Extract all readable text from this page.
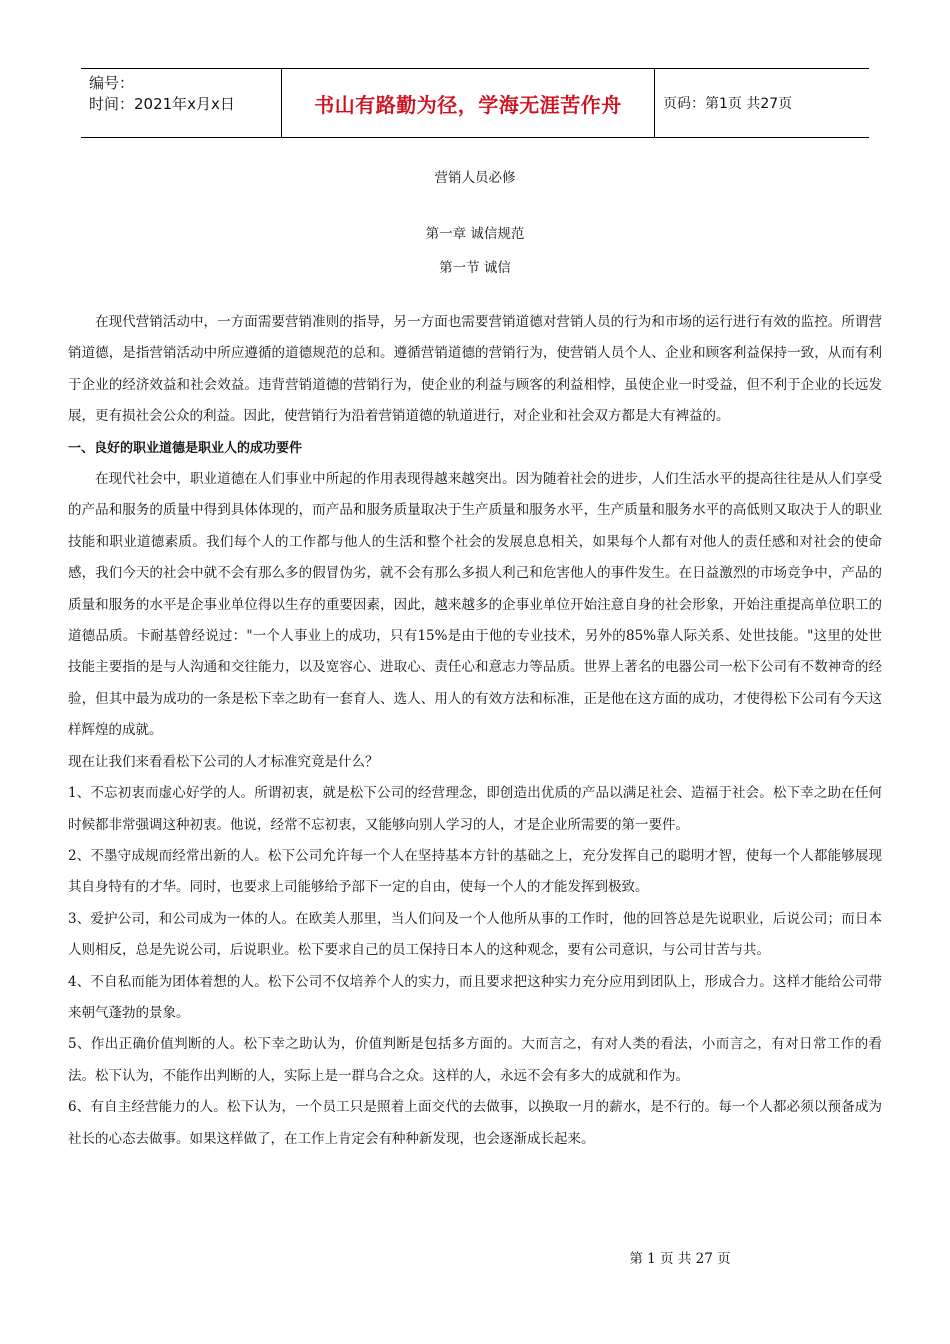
编号：
时间：2021年x月x日	书山有路勤为径，学海无涯苦作舟	页码：第1页 共27页
营销人员必修
第一章 诚信规范
第一节 诚信

在现代营销活动中，一方面需要营销准则的指导，另一方面也需要营销道德对营销人员的行为和市场的运行进行有效的监控。所谓营销道德，是指营销活动中所应遵循的道德规范的总和。遵循营销道德的营销行为，使营销人员个人、企业和顾客利益保持一致，从而有利于企业的经济效益和社会效益。违背营销道德的营销行为，使企业的利益与顾客的利益相悖，虽使企业一时受益，但不利于企业的长远发展，更有损社会公众的利益。因此，使营销行为沿着营销道德的轨道进行，对企业和社会双方都是大有裨益的。

一、良好的职业道德是职业人的成功要件

在现代社会中，职业道德在人们事业中所起的作用表现得越来越突出。因为随着社会的进步，人们生活水平的提高往往是从人们享受的产品和服务的质量中得到具体体现的，而产品和服务质量取决于生产质量和服务水平，生产质量和服务水平的高低则又取决于人的职业技能和职业道德素质。我们每个人的工作都与他人的生活和整个社会的发展息息相关，如果每个人都有对他人的责任感和对社会的使命感，我们今天的社会中就不会有那么多的假冒伪劣，就不会有那么多损人利己和危害他人的事件发生。在日益激烈的市场竞争中，产品的质量和服务的水平是企事业单位得以生存的重要因素，因此，越来越多的企事业单位开始注意自身的社会形象，开始注重提高单位职工的道德品质。卡耐基曾经说过："一个人事业上的成功，只有15%是由于他的专业技术，另外的85%靠人际关系、处世技能。"这里的处世技能主要指的是与人沟通和交往能力，以及宽容心、进取心、责任心和意志力等品质。世界上著名的电器公司一松下公司有不数神奇的经验，但其中最为成功的一条是松下幸之助有一套育人、选人、用人的有效方法和标准，正是他在这方面的成功，才使得松下公司有今天这样辉煌的成就。

现在让我们来看看松下公司的人才标准究竟是什么？

1、不忘初衷而虚心好学的人。所谓初衷，就是松下公司的经营理念，即创造出优质的产品以满足社会、造福于社会。松下幸之助在任何时候都非常强调这种初衷。他说，经常不忘初衷，又能够向别人学习的人，才是企业所需要的第一要件。

2、不墨守成规而经常出新的人。松下公司允许每一个人在坚持基本方针的基础之上，充分发挥自己的聪明才智，使每一个人都能够展现其自身特有的才华。同时，也要求上司能够给予部下一定的自由，使每一个人的才能发挥到极致。

3、爱护公司，和公司成为一体的人。在欧美人那里，当人们问及一个人他所从事的工作时，他的回答总是先说职业，后说公司；而日本人则相反，总是先说公司，后说职业。松下要求自己的员工保持日本人的这种观念，要有公司意识，与公司甘苦与共。

4、不自私而能为团体着想的人。松下公司不仅培养个人的实力，而且要求把这种实力充分应用到团队上，形成合力。这样才能给公司带来朝气蓬勃的景象。

5、作出正确价值判断的人。松下幸之助认为，价值判断是包括多方面的。大而言之，有对人类的看法，小而言之，有对日常工作的看法。松下认为，不能作出判断的人，实际上是一群乌合之众。这样的人，永远不会有多大的成就和作为。

6、有自主经营能力的人。松下认为，一个员工只是照着上面交代的去做事，以换取一月的薪水，是不行的。每一个人都必须以预备成为社长的心态去做事。如果这样做了，在工作上肯定会有种种新发现，也会逐渐成长起来。

第 1 页 共 27 页
